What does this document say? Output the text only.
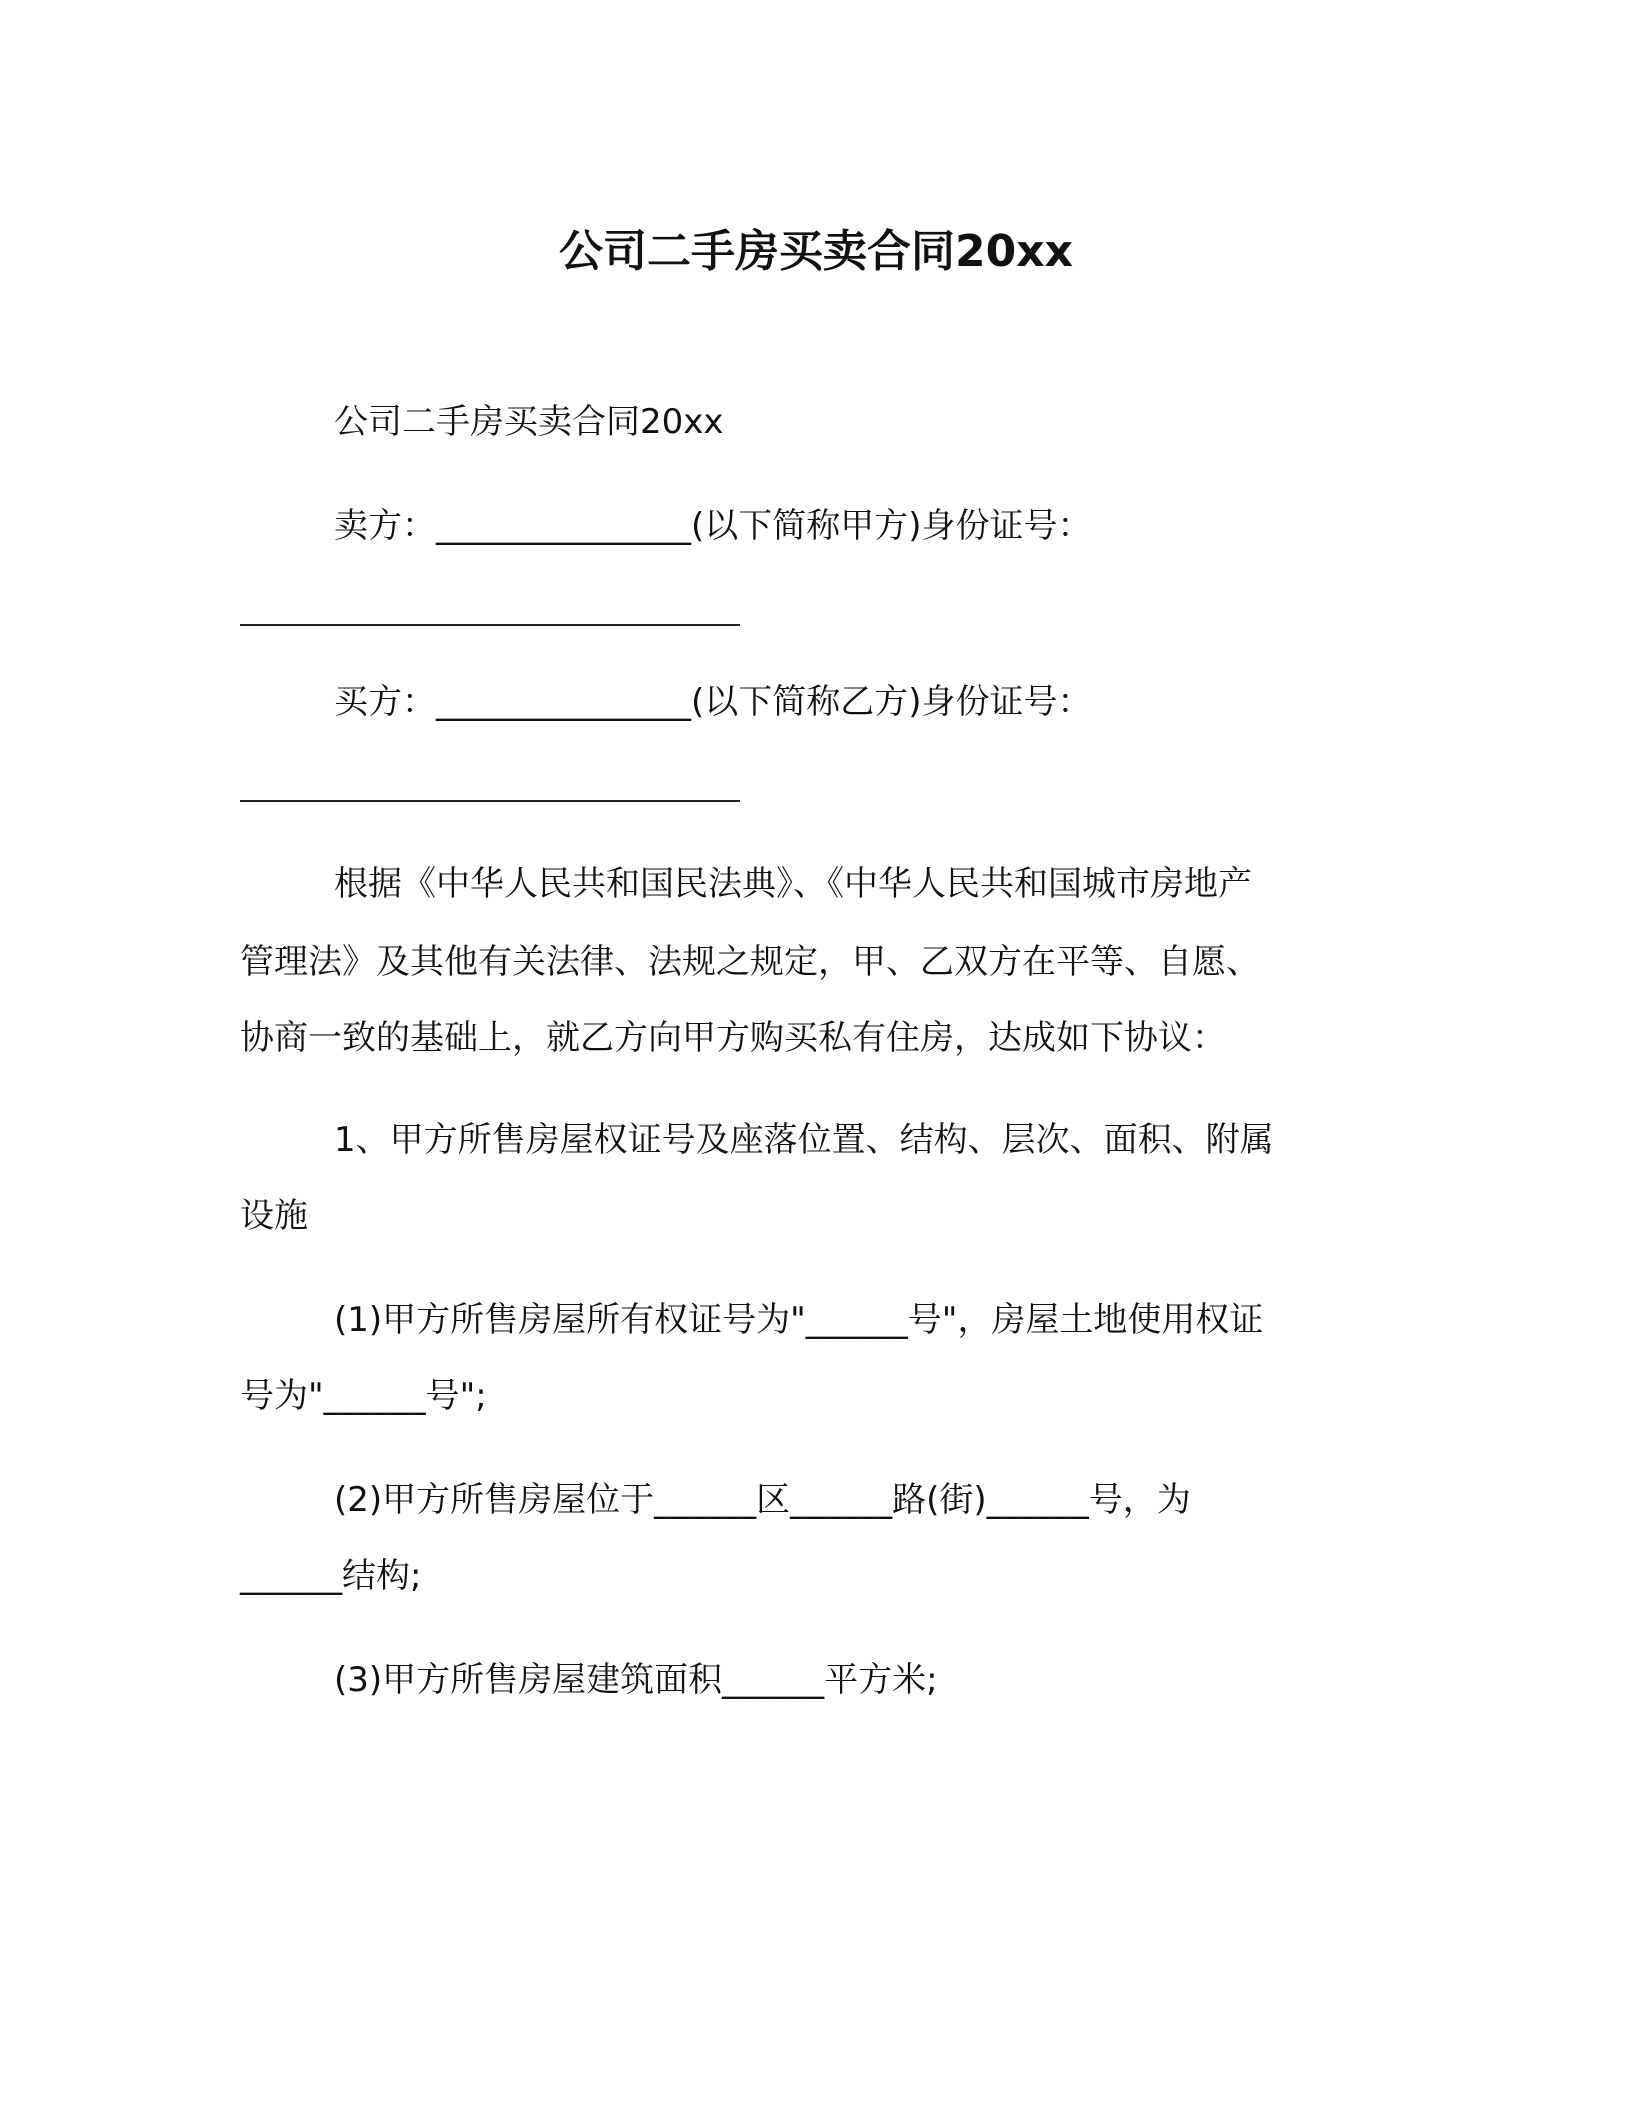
公司二手房买卖合同20xx
公司二手房买卖合同20xx
卖方：_______________(以下简称甲方)身份证号：
买方：_______________(以下简称乙方)身份证号：
根据《中华人民共和国民法典》、《中华人民共和国城市房地产
管理法》及其他有关法律、法规之规定，甲、乙双方在平等、自愿、
协商一致的基础上，就乙方向甲方购买私有住房，达成如下协议：
1、甲方所售房屋权证号及座落位置、结构、层次、面积、附属
设施
(1)甲方所售房屋所有权证号为"______号"，房屋土地使用权证
号为"______号";
(2)甲方所售房屋位于______区______路(街)______号，为
______结构;
(3)甲方所售房屋建筑面积______平方米;
